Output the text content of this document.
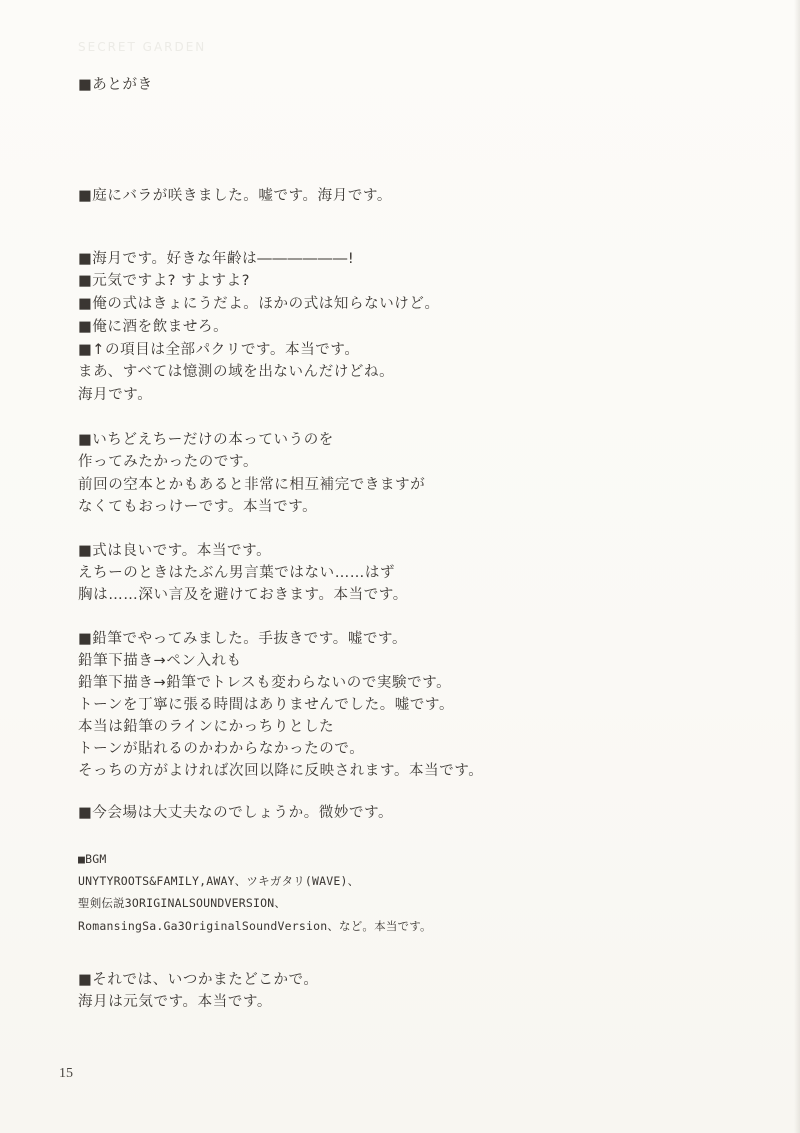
SECRET GARDEN
■あとがき
■庭にバラが咲きました。嘘です。海月です。
■海月です。好きな年齢は――――――!
■元気ですよ? すよすよ?
■俺の式はきょにうだよ。ほかの式は知らないけど。
■俺に酒を飲ませろ。
■↑の項目は全部パクリです。本当です。
まあ、すべては憶測の域を出ないんだけどね。
海月です。
■いちどえちーだけの本っていうのを
作ってみたかったのです。
前回の空本とかもあると非常に相互補完できますが
なくてもおっけーです。本当です。
■式は良いです。本当です。
えちーのときはたぶん男言葉ではない……はず
胸は……深い言及を避けておきます。本当です。
■鉛筆でやってみました。手抜きです。嘘です。
鉛筆下描き→ペン入れも
鉛筆下描き→鉛筆でトレスも変わらないので実験です。
トーンを丁寧に張る時間はありませんでした。嘘です。
本当は鉛筆のラインにかっちりとした
トーンが貼れるのかわからなかったので。
そっちの方がよければ次回以降に反映されます。本当です。
■今会場は大丈夫なのでしょうか。微妙です。
■BGM
UNYTYROOTS&FAMILY,AWAY、ツキガタリ(WAVE)、
聖剣伝説3ORIGINALSOUNDVERSION、
RomansingSa.Ga3OriginalSoundVersion、など。本当です。
■それでは、いつかまたどこかで。
海月は元気です。本当です。
15
